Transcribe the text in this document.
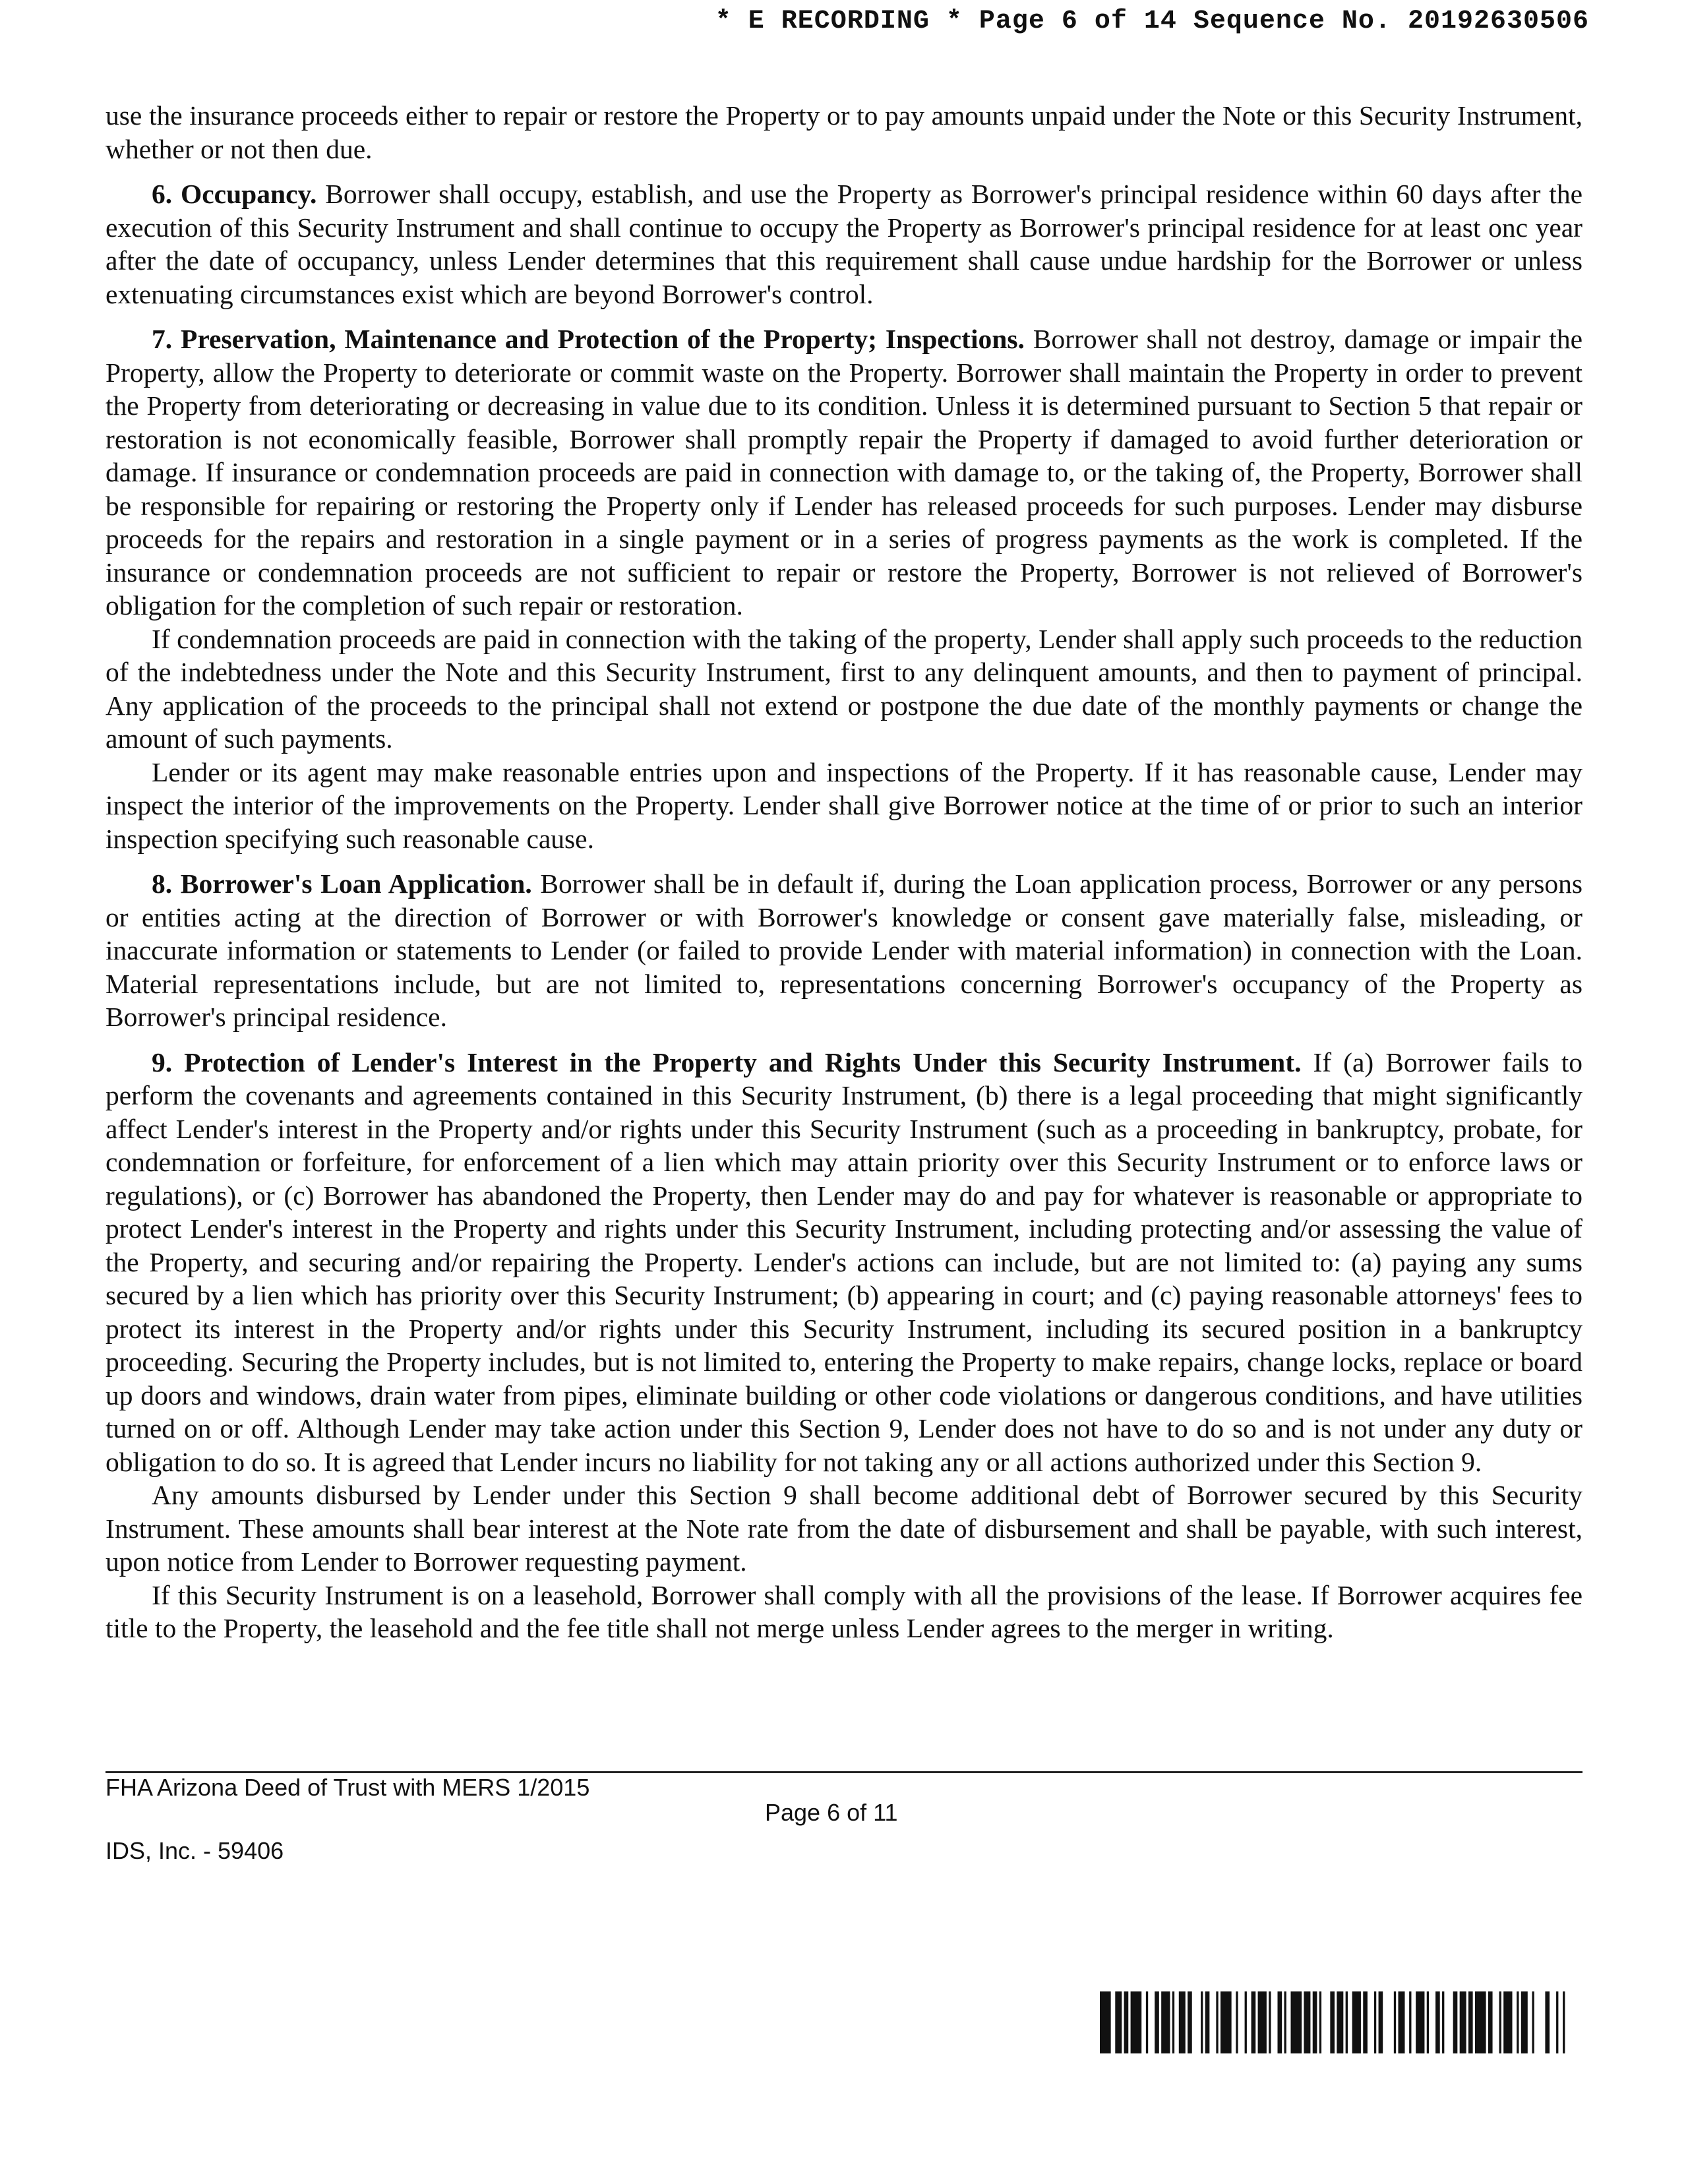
* E RECORDING * Page 6 of 14 Sequence No. 20192630506

use the insurance proceeds either to repair or restore the Property or to pay amounts unpaid under the Note or this Security Instrument, whether or not then due.

6. Occupancy. Borrower shall occupy, establish, and use the Property as Borrower's principal residence within 60 days after the execution of this Security Instrument and shall continue to occupy the Property as Borrower's principal residence for at least onc year after the date of occupancy, unless Lender determines that this requirement shall cause undue hardship for the Borrower or unless extenuating circumstances exist which are beyond Borrower's control.

7. Preservation, Maintenance and Protection of the Property; Inspections. Borrower shall not destroy, damage or impair the Property, allow the Property to deteriorate or commit waste on the Property. Borrower shall maintain the Property in order to prevent the Property from deteriorating or decreasing in value due to its condition. Unless it is determined pursuant to Section 5 that repair or restoration is not economically feasible, Borrower shall promptly repair the Property if damaged to avoid further deterioration or damage. If insurance or condemnation proceeds are paid in connection with damage to, or the taking of, the Property, Borrower shall be responsible for repairing or restoring the Property only if Lender has released proceeds for such purposes. Lender may disburse proceeds for the repairs and restoration in a single payment or in a series of progress payments as the work is completed. If the insurance or condemnation proceeds are not sufficient to repair or restore the Property, Borrower is not relieved of Borrower's obligation for the completion of such repair or restoration.

If condemnation proceeds are paid in connection with the taking of the property, Lender shall apply such proceeds to the reduction of the indebtedness under the Note and this Security Instrument, first to any delinquent amounts, and then to payment of principal. Any application of the proceeds to the principal shall not extend or postpone the due date of the monthly payments or change the amount of such payments.

Lender or its agent may make reasonable entries upon and inspections of the Property. If it has reasonable cause, Lender may inspect the interior of the improvements on the Property. Lender shall give Borrower notice at the time of or prior to such an interior inspection specifying such reasonable cause.

8. Borrower's Loan Application. Borrower shall be in default if, during the Loan application process, Borrower or any persons or entities acting at the direction of Borrower or with Borrower's knowledge or consent gave materially false, misleading, or inaccurate information or statements to Lender (or failed to provide Lender with material information) in connection with the Loan. Material representations include, but are not limited to, representations concerning Borrower's occupancy of the Property as Borrower's principal residence.

9. Protection of Lender's Interest in the Property and Rights Under this Security Instrument. If (a) Borrower fails to perform the covenants and agreements contained in this Security Instrument, (b) there is a legal proceeding that might significantly affect Lender's interest in the Property and/or rights under this Security Instrument (such as a proceeding in bankruptcy, probate, for condemnation or forfeiture, for enforcement of a lien which may attain priority over this Security Instrument or to enforce laws or regulations), or (c) Borrower has abandoned the Property, then Lender may do and pay for whatever is reasonable or appropriate to protect Lender's interest in the Property and rights under this Security Instrument, including protecting and/or assessing the value of the Property, and securing and/or repairing the Property. Lender's actions can include, but are not limited to: (a) paying any sums secured by a lien which has priority over this Security Instrument; (b) appearing in court; and (c) paying reasonable attorneys' fees to protect its interest in the Property and/or rights under this Security Instrument, including its secured position in a bankruptcy proceeding. Securing the Property includes, but is not limited to, entering the Property to make repairs, change locks, replace or board up doors and windows, drain water from pipes, eliminate building or other code violations or dangerous conditions, and have utilities turned on or off. Although Lender may take action under this Section 9, Lender does not have to do so and is not under any duty or obligation to do so. It is agreed that Lender incurs no liability for not taking any or all actions authorized under this Section 9.

Any amounts disbursed by Lender under this Section 9 shall become additional debt of Borrower secured by this Security Instrument. These amounts shall bear interest at the Note rate from the date of disbursement and shall be payable, with such interest, upon notice from Lender to Borrower requesting payment.

If this Security Instrument is on a leasehold, Borrower shall comply with all the provisions of the lease. If Borrower acquires fee title to the Property, the leasehold and the fee title shall not merge unless Lender agrees to the merger in writing.

FHA Arizona Deed of Trust with MERS 1/2015
Page 6 of 11
IDS, Inc. - 59406
